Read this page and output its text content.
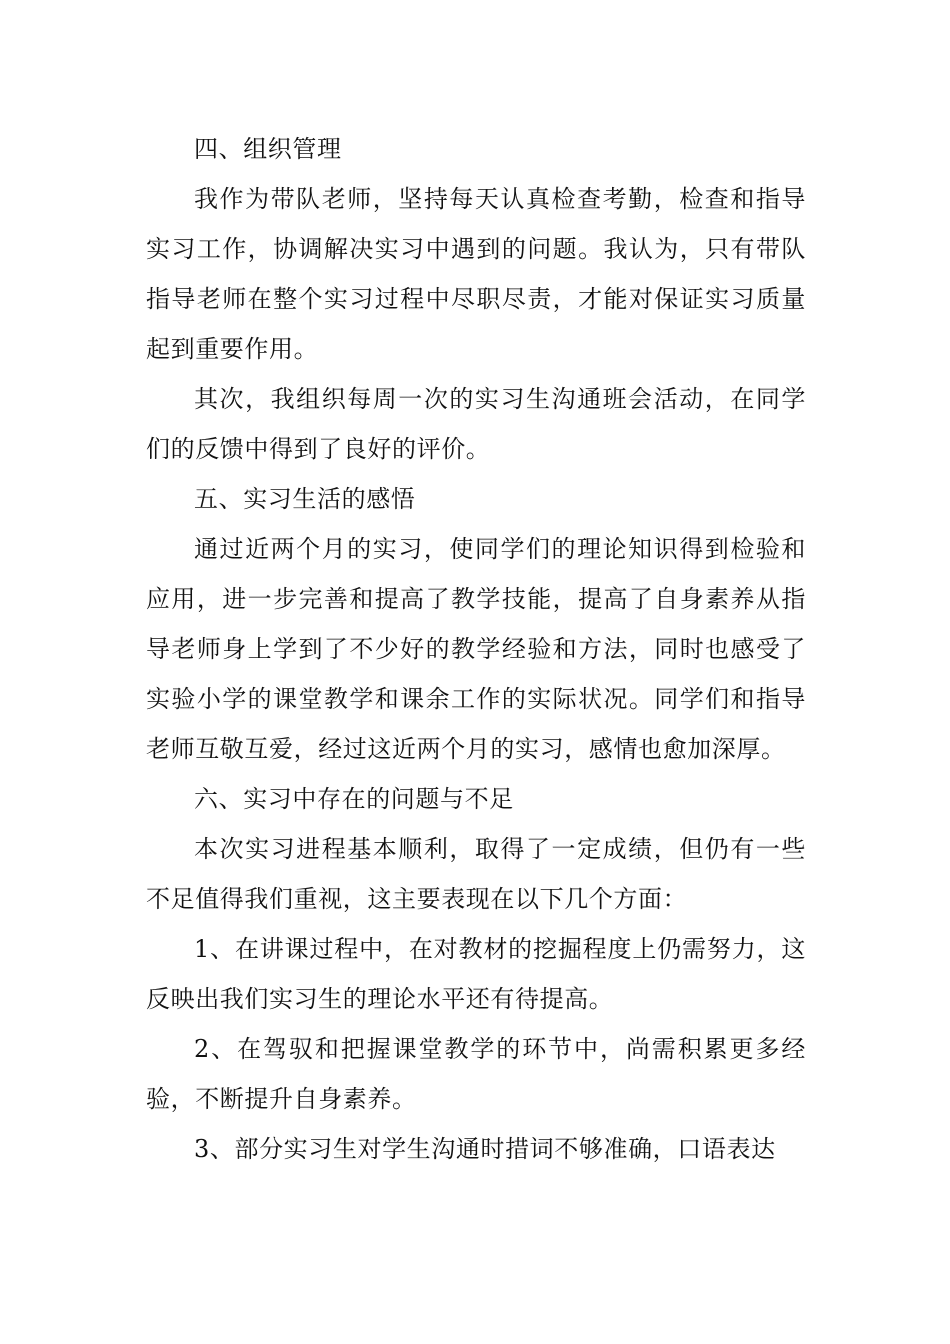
四、组织管理

我作为带队老师，坚持每天认真检查考勤，检查和指导实习工作，协调解决实习中遇到的问题。我认为，只有带队指导老师在整个实习过程中尽职尽责，才能对保证实习质量起到重要作用。

其次，我组织每周一次的实习生沟通班会活动，在同学们的反馈中得到了良好的评价。

五、实习生活的感悟

通过近两个月的实习，使同学们的理论知识得到检验和应用，进一步完善和提高了教学技能，提高了自身素养从指导老师身上学到了不少好的教学经验和方法，同时也感受了实验小学的课堂教学和课余工作的实际状况。同学们和指导老师互敬互爱，经过这近两个月的实习，感情也愈加深厚。

六、实习中存在的问题与不足

本次实习进程基本顺利，取得了一定成绩，但仍有一些不足值得我们重视，这主要表现在以下几个方面：

1、在讲课过程中，在对教材的挖掘程度上仍需努力，这反映出我们实习生的理论水平还有待提高。

2、在驾驭和把握课堂教学的环节中，尚需积累更多经验，不断提升自身素养。

3、部分实习生对学生沟通时措词不够准确，口语表达
